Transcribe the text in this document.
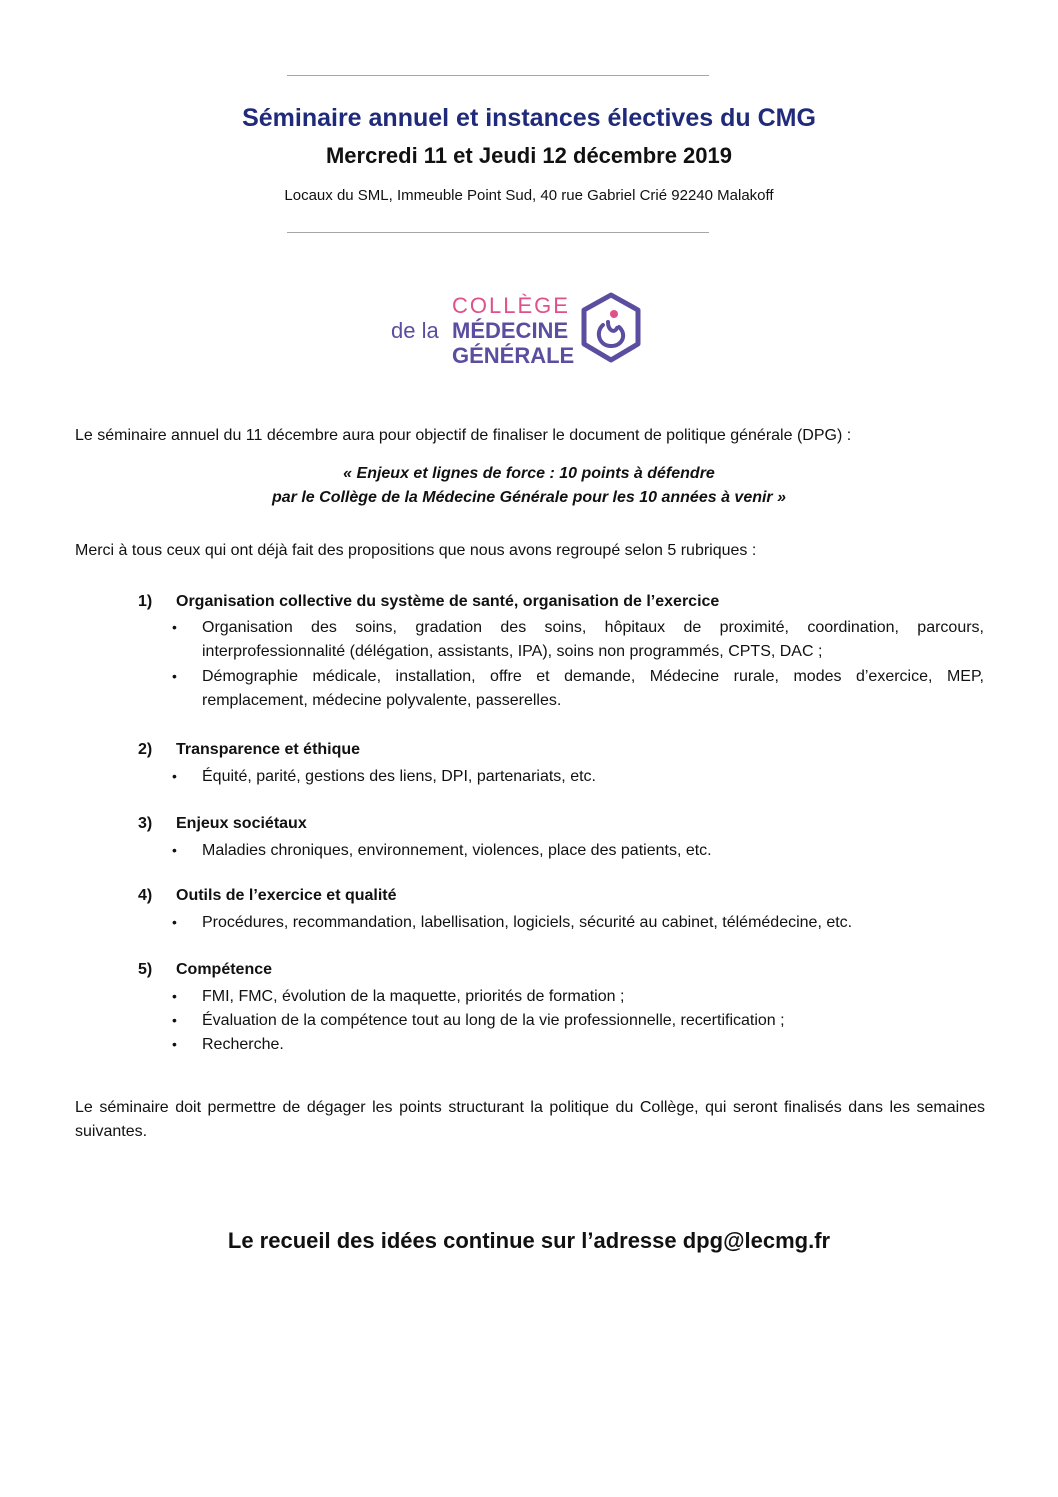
Séminaire annuel et instances électives du CMG
Mercredi 11 et Jeudi 12 décembre 2019
Locaux du SML, Immeuble Point Sud, 40 rue Gabriel Crié 92240 Malakoff
COLLÈGE
de la MÉDECINE
GÉNÉRALE
Le séminaire annuel du 11 décembre aura pour objectif de finaliser le document de politique générale (DPG) :
« Enjeux et lignes de force : 10 points à défendre
par le Collège de la Médecine Générale pour les 10 années à venir »
Merci à tous ceux qui ont déjà fait des propositions que nous avons regroupé selon 5 rubriques :
1) Organisation collective du système de santé, organisation de l’exercice
• Organisation des soins, gradation des soins, hôpitaux de proximité, coordination, parcours, interprofessionnalité (délégation, assistants, IPA), soins non programmés, CPTS, DAC ;
• Démographie médicale, installation, offre et demande, Médecine rurale, modes d’exercice, MEP, remplacement, médecine polyvalente, passerelles.
2) Transparence et éthique
• Équité, parité, gestions des liens, DPI, partenariats, etc.
3) Enjeux sociétaux
• Maladies chroniques, environnement, violences, place des patients, etc.
4) Outils de l’exercice et qualité
• Procédures, recommandation, labellisation, logiciels, sécurité au cabinet, télémédecine, etc.
5) Compétence
• FMI, FMC, évolution de la maquette, priorités de formation ;
• Évaluation de la compétence tout au long de la vie professionnelle, recertification ;
• Recherche.
Le séminaire doit permettre de dégager les points structurant la politique du Collège, qui seront finalisés dans les semaines suivantes.
Le recueil des idées continue sur l’adresse dpg@lecmg.fr
